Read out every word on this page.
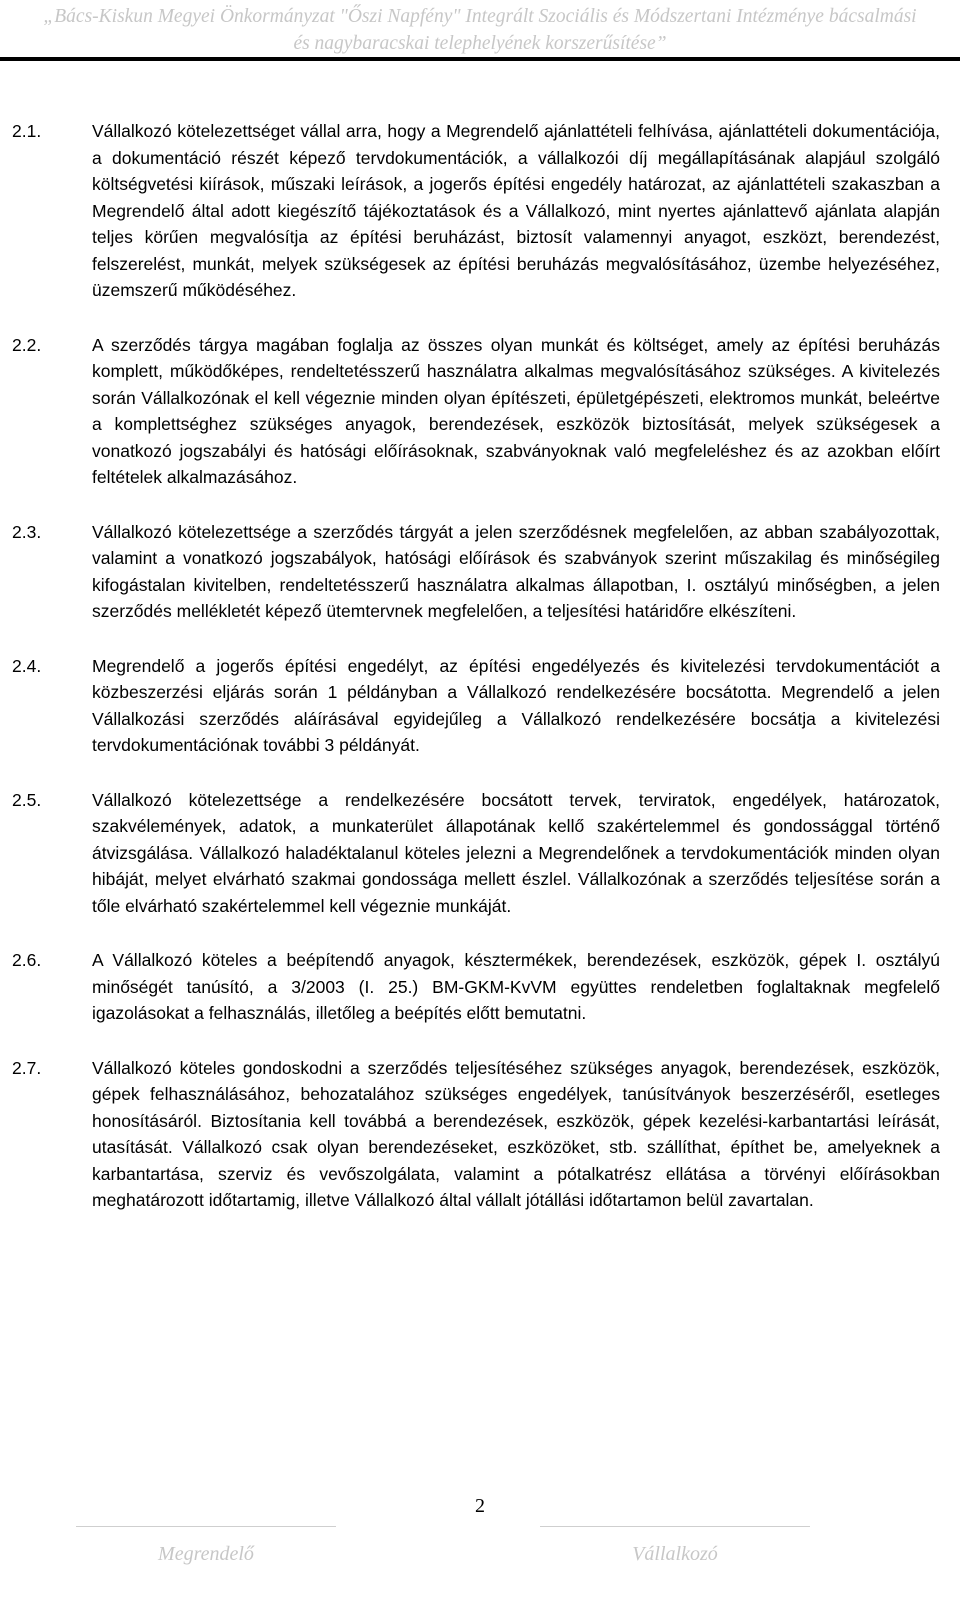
„Bács-Kiskun Megyei Önkormányzat "Őszi Napfény" Integrált Szociális és Módszertani Intézménye bácsalmási
és nagybaracskai telephelyének korszerűsítése”
2.1.	Vállalkozó kötelezettséget vállal arra, hogy a Megrendelő ajánlattételi felhívása, ajánlattételi dokumentációja, a dokumentáció részét képező tervdokumentációk, a vállalkozói díj megállapításának alapjául szolgáló költségvetési kiírások, műszaki leírások, a jogerős építési engedély határozat, az ajánlattételi szakaszban a Megrendelő által adott kiegészítő tájékoztatások és a Vállalkozó, mint nyertes ajánlattevő ajánlata alapján teljes körűen megvalósítja az építési beruházást, biztosít valamennyi anyagot, eszközt, berendezést, felszerelést, munkát, melyek szükségesek az építési beruházás megvalósításához, üzembe helyezéséhez, üzemszerű működéséhez.
2.2.	A szerződés tárgya magában foglalja az összes olyan munkát és költséget, amely az építési beruházás komplett, működőképes, rendeltetésszerű használatra alkalmas megvalósításához szükséges. A kivitelezés során Vállalkozónak el kell végeznie minden olyan építészeti, épületgépészeti, elektromos munkát, beleértve a komplettséghez szükséges anyagok, berendezések, eszközök biztosítását, melyek szükségesek a vonatkozó jogszabályi és hatósági előírásoknak, szabványoknak való megfeleléshez és az azokban előírt feltételek alkalmazásához.
2.3.	Vállalkozó kötelezettsége a szerződés tárgyát a jelen szerződésnek megfelelően, az abban szabályozottak, valamint a vonatkozó jogszabályok, hatósági előírások és szabványok szerint műszakilag és minőségileg kifogástalan kivitelben, rendeltetésszerű használatra alkalmas állapotban, I. osztályú minőségben, a jelen szerződés mellékletét képező ütemtervnek megfelelően, a teljesítési határidőre elkészíteni.
2.4.	Megrendelő a jogerős építési engedélyt, az építési engedélyezés és kivitelezési tervdokumentációt a közbeszerzési eljárás során 1 példányban a Vállalkozó rendelkezésére bocsátotta. Megrendelő a jelen Vállalkozási szerződés aláírásával egyidejűleg a Vállalkozó rendelkezésére bocsátja a kivitelezési tervdokumentációnak további 3 példányát.
2.5.	Vállalkozó kötelezettsége a rendelkezésére bocsátott tervek, terviratok, engedélyek, határozatok, szakvélemények, adatok, a munkaterület állapotának kellő szakértelemmel és gondossággal történő átvizsgálása. Vállalkozó haladéktalanul köteles jelezni a Megrendelőnek a tervdokumentációk minden olyan hibáját, melyet elvárható szakmai gondossága mellett észlel. Vállalkozónak a szerződés teljesítése során a tőle elvárható szakértelemmel kell végeznie munkáját.
2.6.	A Vállalkozó köteles a beépítendő anyagok, késztermékek, berendezések, eszközök, gépek I. osztályú minőségét tanúsító, a 3/2003 (I. 25.) BM-GKM-KvVM együttes rendeletben foglaltaknak megfelelő igazolásokat a felhasználás, illetőleg a beépítés előtt bemutatni.
2.7.	Vállalkozó köteles gondoskodni a szerződés teljesítéséhez szükséges anyagok, berendezések, eszközök, gépek felhasználásához, behozatalához szükséges engedélyek, tanúsítványok beszerzéséről, esetleges honosításáról. Biztosítania kell továbbá a berendezések, eszközök, gépek kezelési-karbantartási leírását, utasítását. Vállalkozó csak olyan berendezéseket, eszközöket, stb. szállíthat, építhet be, amelyeknek a karbantartása, szerviz és vevőszolgálata, valamint a pótalkatrész ellátása a törvényi előírásokban meghatározott időtartamig, illetve Vállalkozó által vállalt jótállási időtartamon belül zavartalan.
2
Megrendelő	Vállalkozó
